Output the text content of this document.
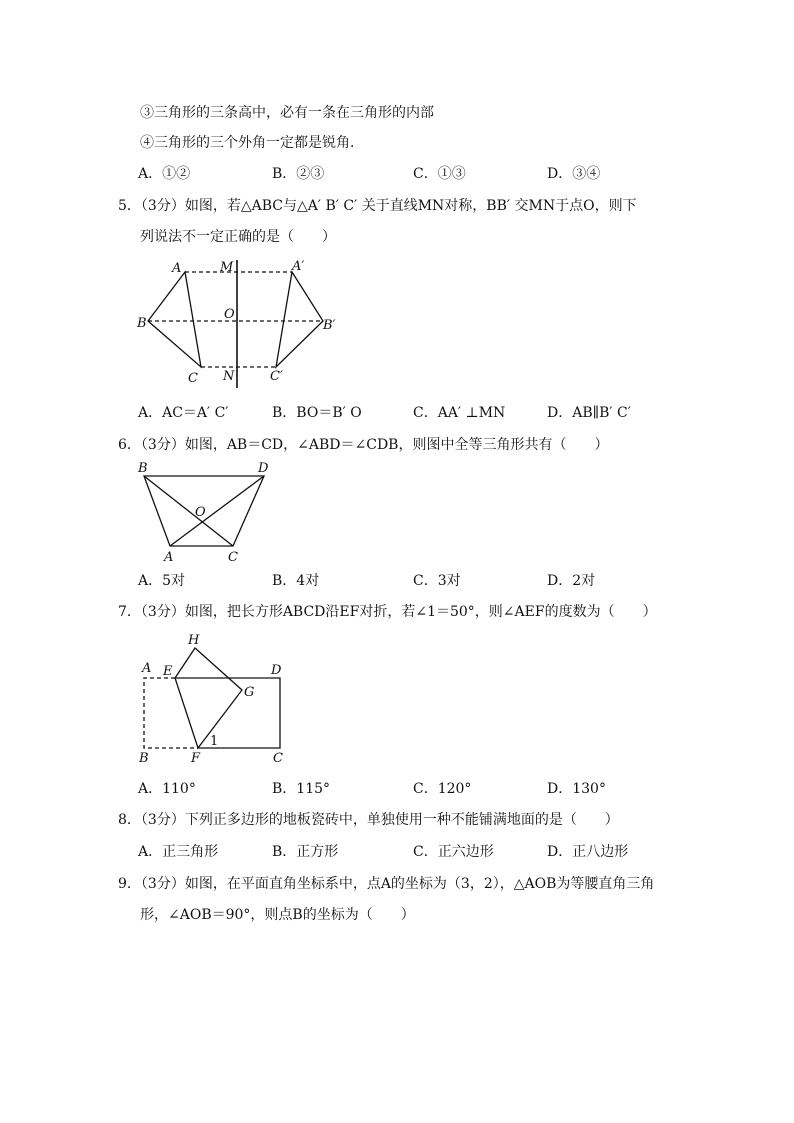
③三角形的三条高中，必有一条在三角形的内部
④三角形的三个外角一定都是锐角．
A．①②	B．②③	C．①③	D．③④
5．（3分）如图，若△ABC与△A′ B′ C′ 关于直线MN对称，BB′ 交MN于点O，则下
列说法不一定正确的是（　　）
A	M	A′
B
O
B′
C N	C′
A．AC＝A′ C′	B．BO＝B′ O	C．AA′ ⊥MN	D．AB∥B′ C′
6．（3分）如图，AB＝CD，∠ABD＝∠CDB，则图中全等三角形共有（　　）
B	D
O
A	C
A．5对	B．4对	C．3对	D．2对
7．（3分）如图，把长方形ABCD沿EF对折，若∠1＝50°，则∠AEF的度数为（　　）
H
A E	D
G
1
B	F	C
A．110°	B．115°	C．120°	D．130°
8．（3分）下列正多边形的地板瓷砖中，单独使用一种不能铺满地面的是（　　）
A．正三角形	B．正方形	C．正六边形	D．正八边形
9．（3分）如图，在平面直角坐标系中，点A的坐标为（3，2），△AOB为等腰直角三角
形，∠AOB＝90°，则点B的坐标为（　　）
